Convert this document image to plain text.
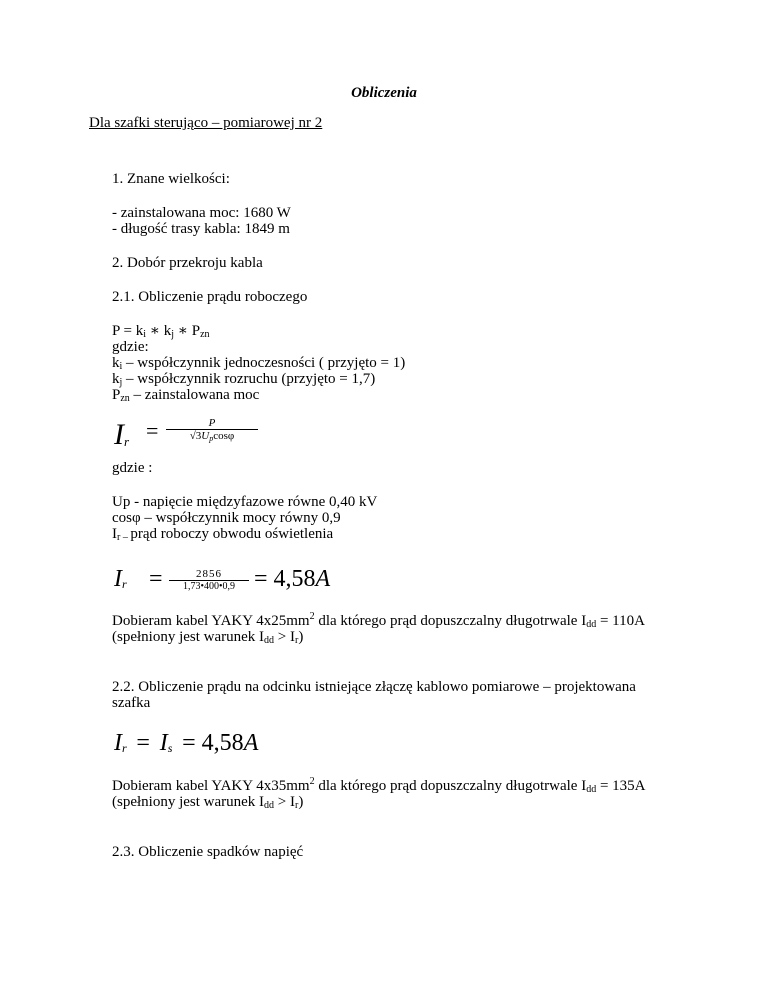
Obliczenia
Dla szafki sterująco – pomiarowej nr 2
1. Znane wielkości:
- zainstalowana moc: 1680 W
- długość trasy kabla: 1849 m
2. Dobór przekroju kabla
2.1. Obliczenie prądu roboczego
$P = k_i$ ∗ $k_j$ ∗ $P_{zn}$
gdzie:
$k_i$ – współczynnik jednoczesności ( przyjęto = 1)
$k_j$ – współczynnik rozruchu (przyjęto = 1,7)
$P_{zn}$ – zainstalowana moc
$I_r$ =	P
$√3U_p\cos\varphi$
gdzie :
Up - napięcie międzyfazowe równe 0,40 kV
cosφ – współczynnik mocy równy 0,9
$I_{r -}$ prąd roboczy obwodu oświetlenia
$I_r$ =	2856
1,73•400•0,9 = 4,58A
Dobieram kabel YAKY $4x25mm^2$ dla którego prąd dopuszczalny długotrwale $I_{dd} = 110A$
(spełniony jest warunek $I_{dd} > I_r$)
2.2. Obliczenie prądu na odcinku istniejące złączę kablowo pomiarowe – projektowana
szafka
$I_r = I_s = 4,58A$
Dobieram kabel YAKY $4x35mm^2$ dla którego prąd dopuszczalny długotrwale $I_{dd} = 135A$
(spełniony jest warunek $I_{dd} > I_r$)
2.3. Obliczenie spadków napięć
